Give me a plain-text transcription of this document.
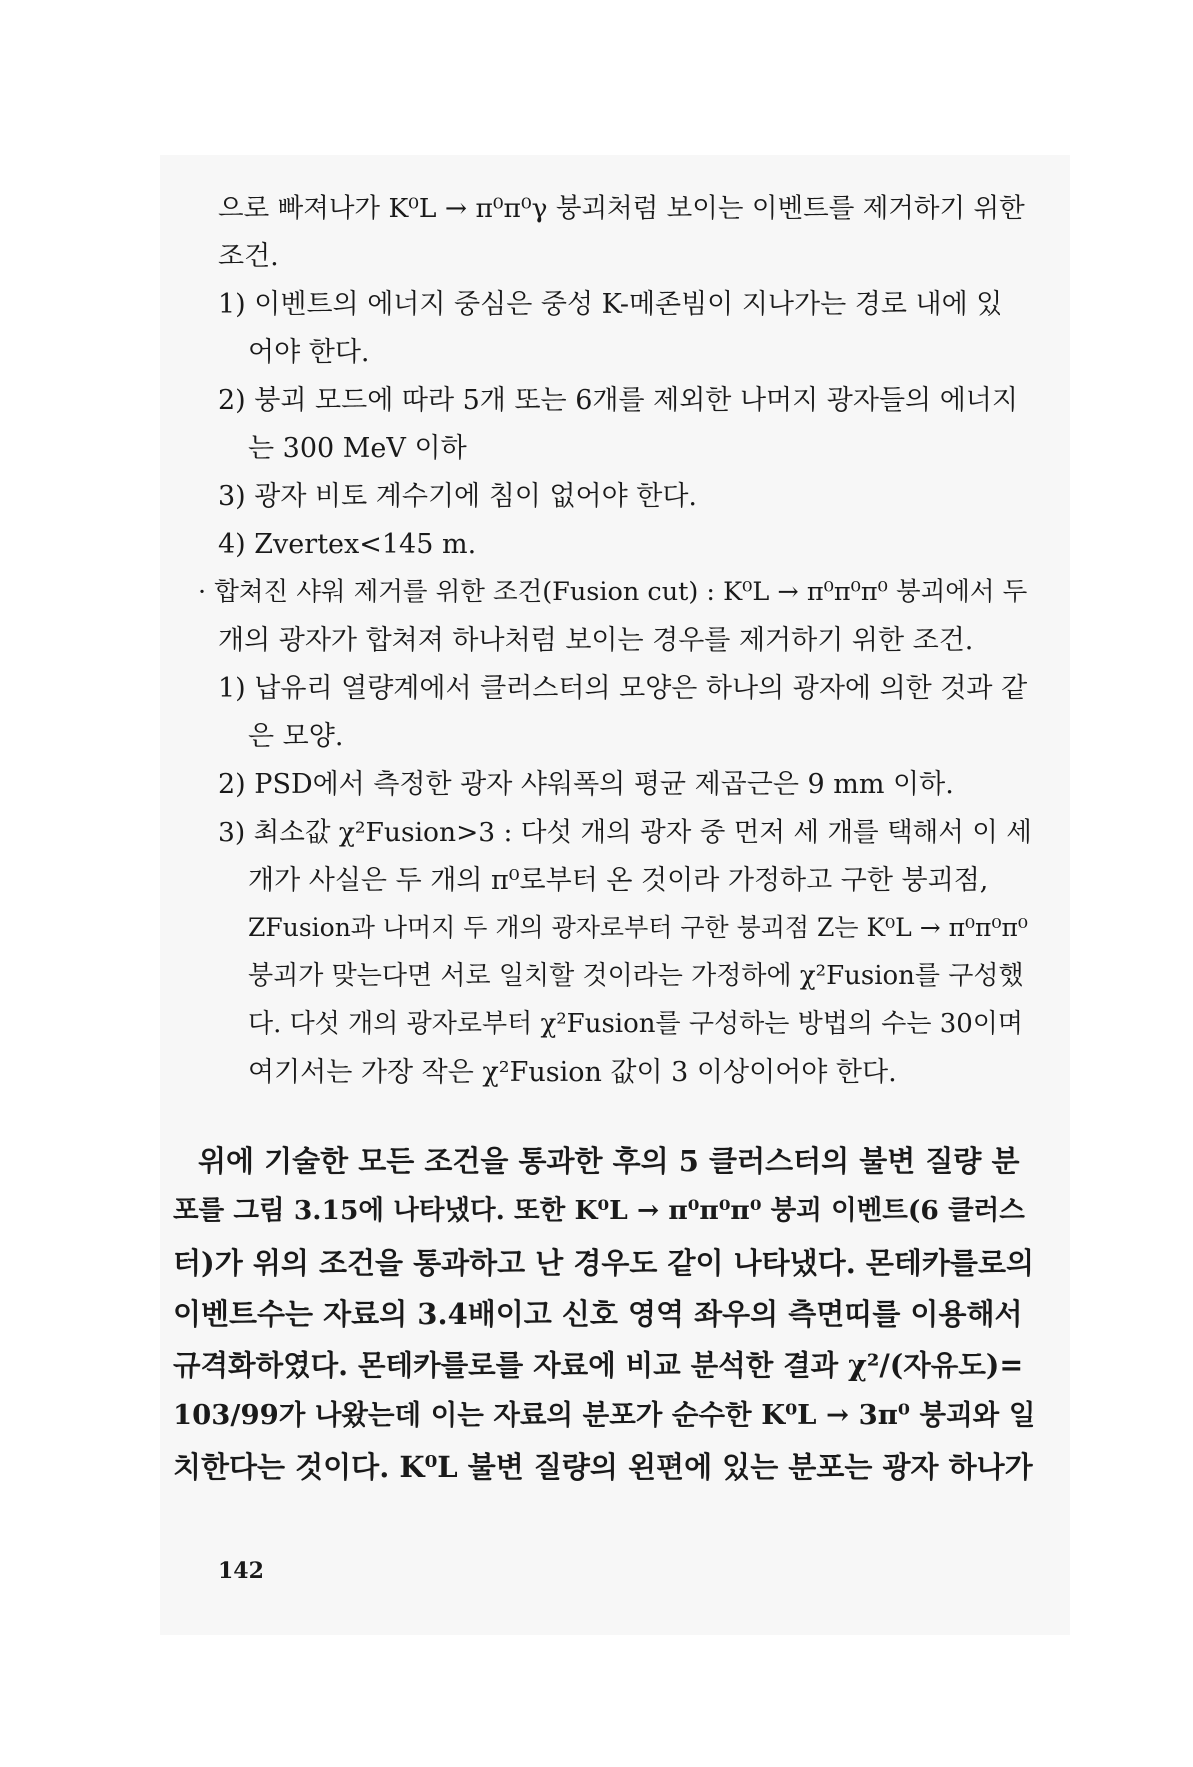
으로 빠져나가 K⁰L → π⁰π⁰γ 붕괴처럼 보이는 이벤트를 제거하기 위한
조건.
1) 이벤트의 에너지 중심은 중성 K-메존빔이 지나가는 경로 내에 있
어야 한다.
2) 붕괴 모드에 따라 5개 또는 6개를 제외한 나머지 광자들의 에너지
는 300 MeV 이하
3) 광자 비토 계수기에 침이 없어야 한다.
4) Zvertex<145 m.
· 합쳐진 샤워 제거를 위한 조건(Fusion cut) : K⁰L → π⁰π⁰π⁰ 붕괴에서 두
개의 광자가 합쳐져 하나처럼 보이는 경우를 제거하기 위한 조건.
1) 납유리 열량계에서 클러스터의 모양은 하나의 광자에 의한 것과 같
은 모양.
2) PSD에서 측정한 광자 샤워폭의 평균 제곱근은 9 mm 이하.
3) 최소값 χ²Fusion>3 : 다섯 개의 광자 중 먼저 세 개를 택해서 이 세
개가 사실은 두 개의 π⁰로부터 온 것이라 가정하고 구한 붕괴점,
ZFusion과 나머지 두 개의 광자로부터 구한 붕괴점 Z는 K⁰L → π⁰π⁰π⁰
붕괴가 맞는다면 서로 일치할 것이라는 가정하에 χ²Fusion를 구성했
다. 다섯 개의 광자로부터 χ²Fusion를 구성하는 방법의 수는 30이며
여기서는 가장 작은 χ²Fusion 값이 3 이상이어야 한다.
위에 기술한 모든 조건을 통과한 후의 5 클러스터의 불변 질량 분
포를 그림 3.15에 나타냈다. 또한 K⁰L → π⁰π⁰π⁰ 붕괴 이벤트(6 클러스
터)가 위의 조건을 통과하고 난 경우도 같이 나타냈다. 몬테카를로의
이벤트수는 자료의 3.4배이고 신호 영역 좌우의 측면띠를 이용해서
규격화하였다. 몬테카를로를 자료에 비교 분석한 결과 χ²/(자유도)=
103/99가 나왔는데 이는 자료의 분포가 순수한 K⁰L → 3π⁰ 붕괴와 일
치한다는 것이다. K⁰L 불변 질량의 왼편에 있는 분포는 광자 하나가
142
